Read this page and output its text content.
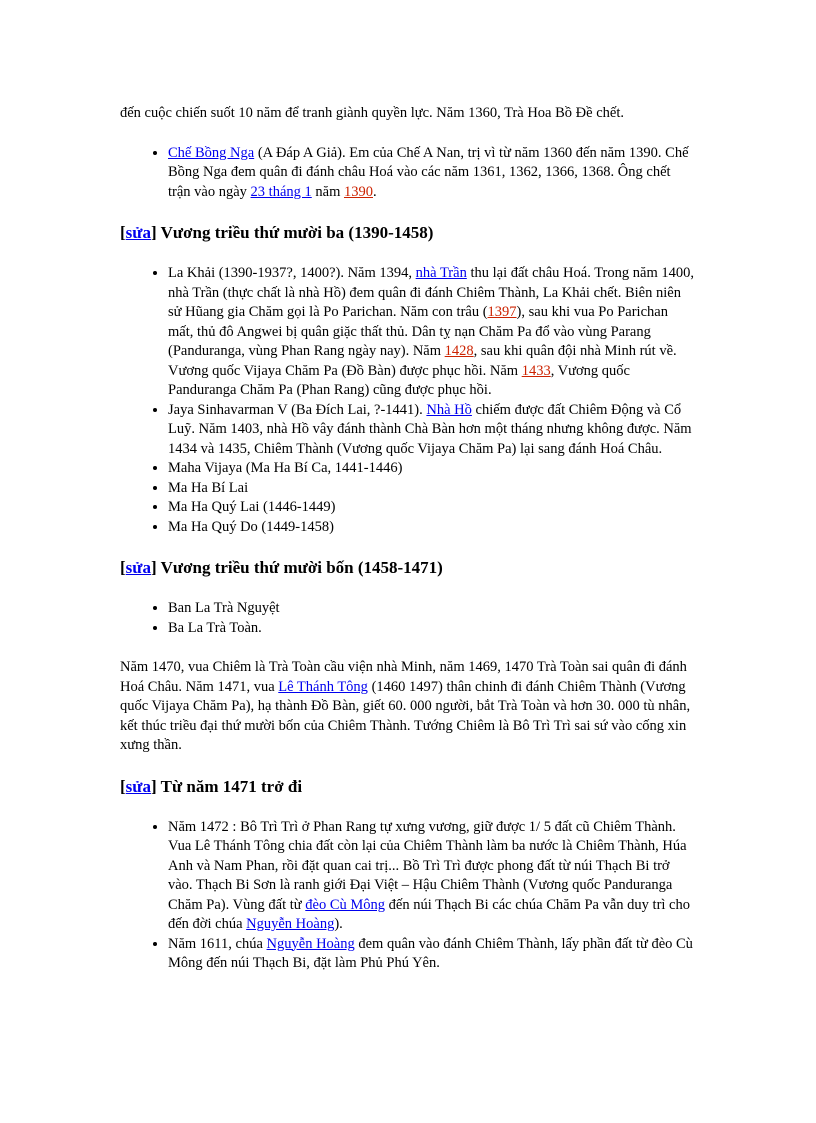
đến cuộc chiến suốt 10 năm để tranh giành quyền lực. Năm 1360, Trà Hoa Bồ Đề chết.

• Chế Bồng Nga (A Đáp A Giả). Em của Chế A Nan, trị vì từ năm 1360 đến năm 1390. Chế Bồng Nga đem quân đi đánh châu Hoá vào các năm 1361, 1362, 1366, 1368. Ông chết trận vào ngày 23 tháng 1 năm 1390.
[sửa] Vương triều thứ mười ba (1390-1458)
• La Khải (1390-1937?, 1400?). Năm 1394, nhà Trần thu lại đất châu Hoá. Trong năm 1400, nhà Trần (thực chất là nhà Hồ) đem quân đi đánh Chiêm Thành, La Khải chết. Biên niên sử Hũang gia Chăm gọi là Po Parichan. Năm con trâu (1397), sau khi vua Po Parichan mất, thủ đô Angwei bị quân giặc thất thủ. Dân tỵ nạn Chăm Pa đổ vào vùng Parang (Panduranga, vùng Phan Rang ngày nay). Năm 1428, sau khi quân đội nhà Minh rút về. Vương quốc Vijaya Chăm Pa (Đồ Bàn) được phục hồi. Năm 1433, Vương quốc Panduranga Chăm Pa (Phan Rang) cũng được phục hồi.
• Jaya Sinhavarman V (Ba Đích Lai, ?-1441). Nhà Hồ chiếm được đất Chiêm Động và Cổ Luỹ. Năm 1403, nhà Hồ vây đánh thành Chà Bàn hơn một tháng nhưng không được. Năm 1434 và 1435, Chiêm Thành (Vương quốc Vijaya Chăm Pa) lại sang đánh Hoá Châu.
• Maha Vijaya (Ma Ha Bí Ca, 1441-1446)
• Ma Ha Bí Lai
• Ma Ha Quý Lai (1446-1449)
• Ma Ha Quý Do (1449-1458)
[sửa] Vương triều thứ mười bốn (1458-1471)
• Ban La Trà Nguyệt
• Ba La Trà Toàn.

Năm 1470, vua Chiêm là Trà Toàn cầu viện nhà Minh, năm 1469, 1470 Trà Toàn sai quân đi đánh Hoá Châu. Năm 1471, vua Lê Thánh Tông (1460 1497) thân chinh đi đánh Chiêm Thành (Vương quốc Vijaya Chăm Pa), hạ thành Đồ Bàn, giết 60. 000 người, bắt Trà Toàn và hơn 30. 000 tù nhân, kết thúc triều đại thứ mười bốn của Chiêm Thành. Tướng Chiêm là Bô Trì Trì sai sứ vào cống xin xưng thần.

[sửa] Từ năm 1471 trở đi
• Năm 1472 : Bô Trì Trì ở Phan Rang tự xưng vương, giữ được 1/ 5 đất cũ Chiêm Thành. Vua Lê Thánh Tông chia đất còn lại của Chiêm Thành làm ba nước là Chiêm Thành, Húa Anh và Nam Phan, rồi đặt quan cai trị... Bồ Trì Trì được phong đất từ núi Thạch Bi trở vào. Thạch Bi Sơn là ranh giới Đại Việt – Hậu Chiêm Thành (Vương quốc Panduranga Chăm Pa). Vùng đất từ đèo Cù Mông đến núi Thạch Bi các chúa Chăm Pa vẫn duy trì cho đến đời chúa Nguyễn Hoàng).
• Năm 1611, chúa Nguyễn Hoàng đem quân vào đánh Chiêm Thành, lấy phần đất từ đèo Cù Mông đến núi Thạch Bi, đặt làm Phủ Phú Yên.
